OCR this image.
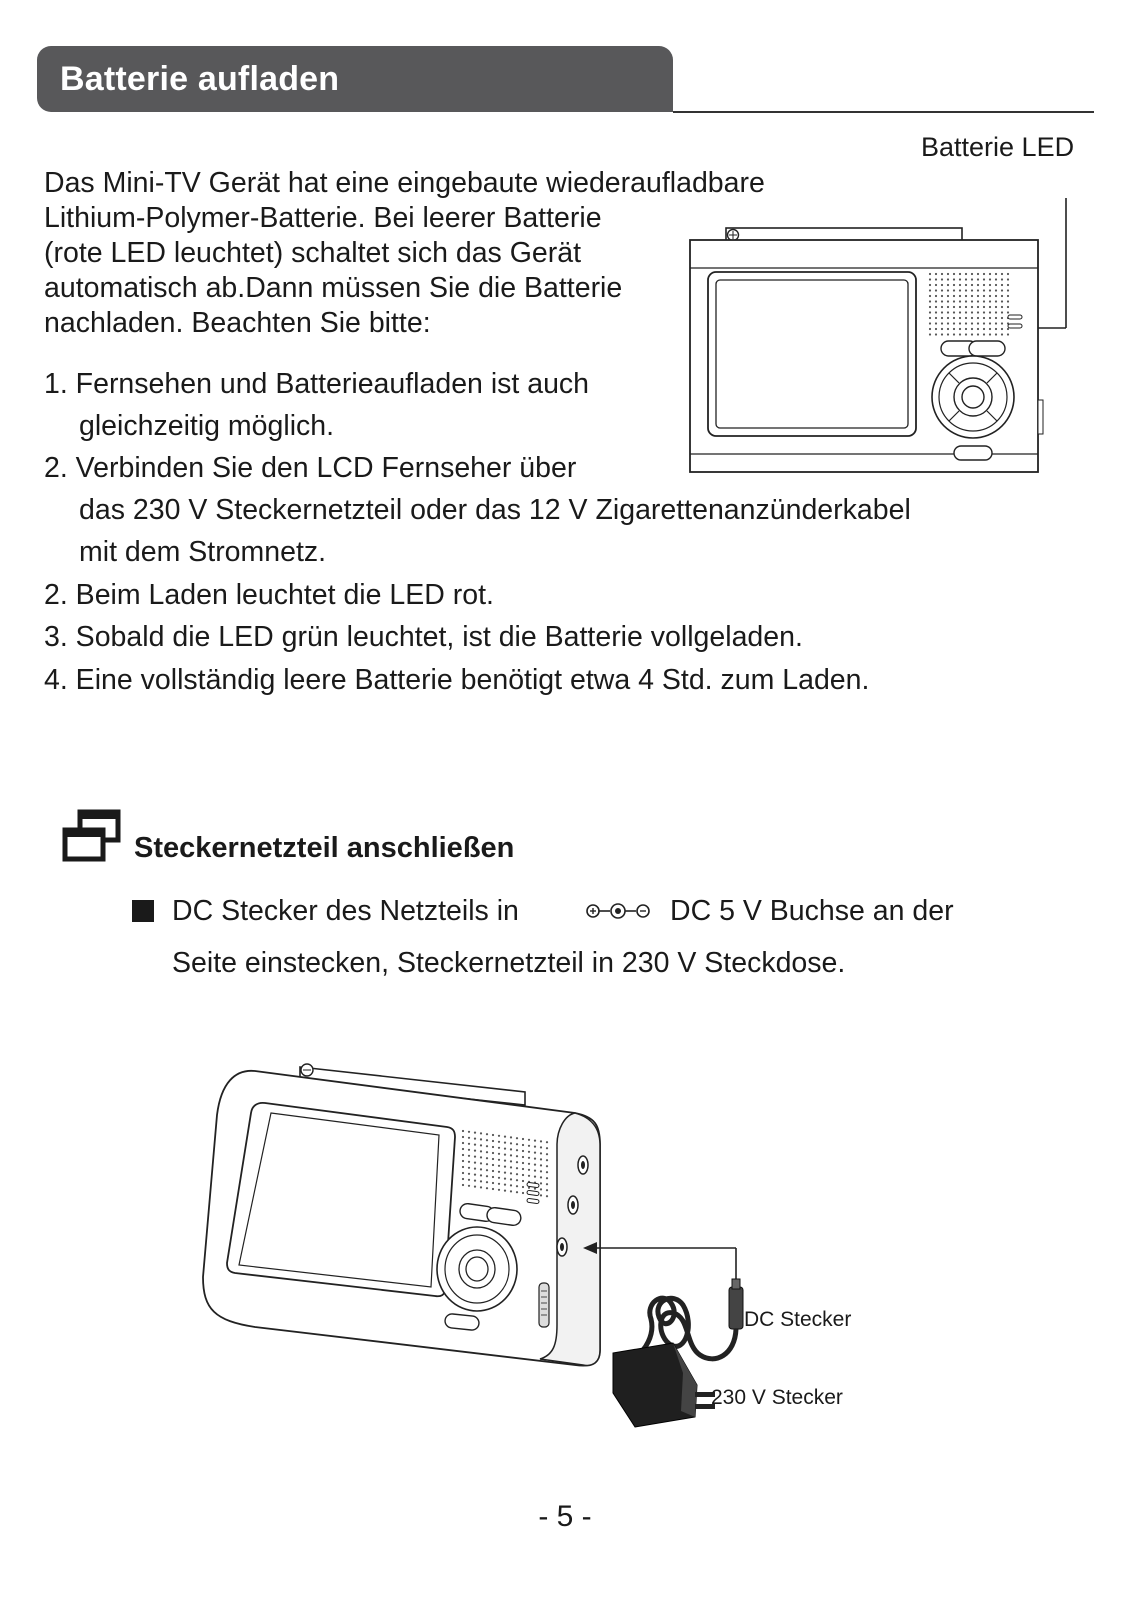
Batterie aufladen
Das Mini-TV Gerät hat eine eingebaute wiederaufladbare
Lithium-Polymer-Batterie. Bei leerer Batterie
(rote LED leuchtet) schaltet sich das Gerät
automatisch ab.Dann müssen Sie die Batterie
nachladen. Beachten Sie bitte:
1. Fernsehen und Batterieaufladen ist auch
gleichzeitig möglich.
2. Verbinden Sie den LCD Fernseher über
das 230 V Steckernetzteil oder das 12 V Zigarettenanzünderkabel
mit dem Stromnetz.
2. Beim Laden leuchtet die LED rot.
3. Sobald die LED grün leuchtet, ist die Batterie vollgeladen.
4. Eine vollständig leere Batterie benötigt etwa 4 Std. zum Laden.
Batterie LED
Steckernetzteil anschließen
DC Stecker des Netzteils in	DC 5 V Buchse an der
Seite einstecken, Steckernetzteil in 230 V Steckdose.
DC Stecker
230 V Stecker
- 5 -
